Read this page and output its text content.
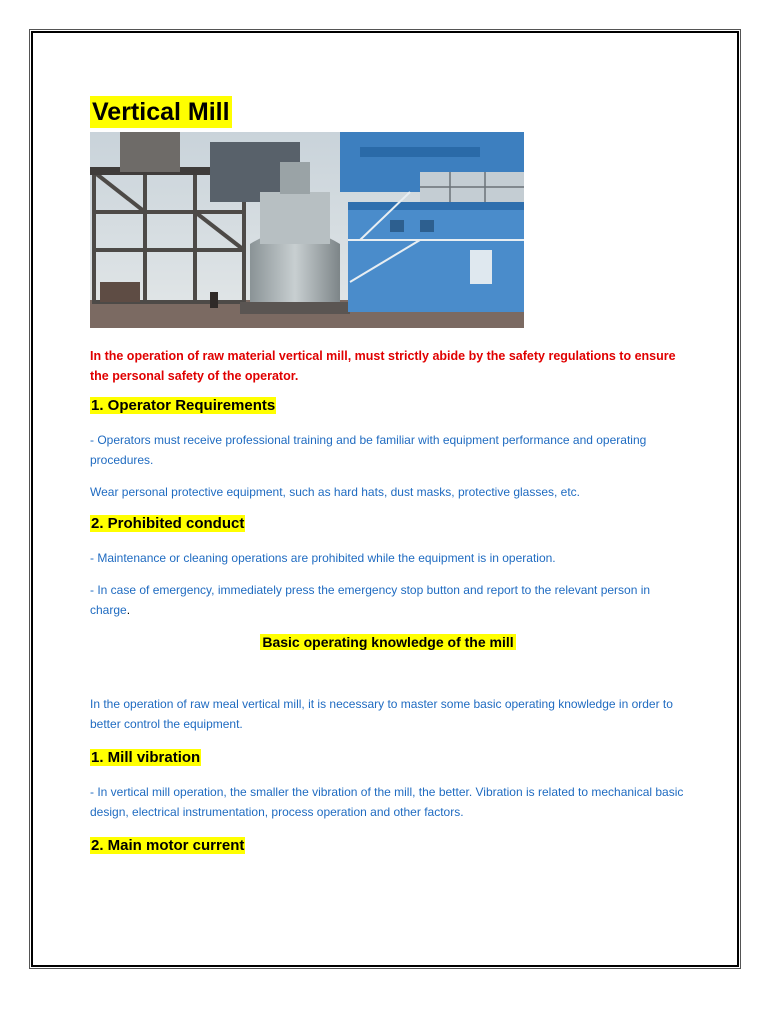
Vertical Mill

In the operation of raw material vertical mill, must strictly abide by the safety regulations to ensure the personal safety of the operator.

1. Operator Requirements

- Operators must receive professional training and be familiar with equipment performance and operating procedures.

Wear personal protective equipment, such as hard hats, dust masks, protective glasses, etc.

2. Prohibited conduct

- Maintenance or cleaning operations are prohibited while the equipment is in operation.

- In case of emergency, immediately press the emergency stop button and report to the relevant person in charge.

Basic operating knowledge of the mill

In the operation of raw meal vertical mill, it is necessary to master some basic operating knowledge in order to better control the equipment.

1. Mill vibration

- In vertical mill operation, the smaller the vibration of the mill, the better. Vibration is related to mechanical basic design, electrical instrumentation, process operation and other factors.

2. Main motor current
